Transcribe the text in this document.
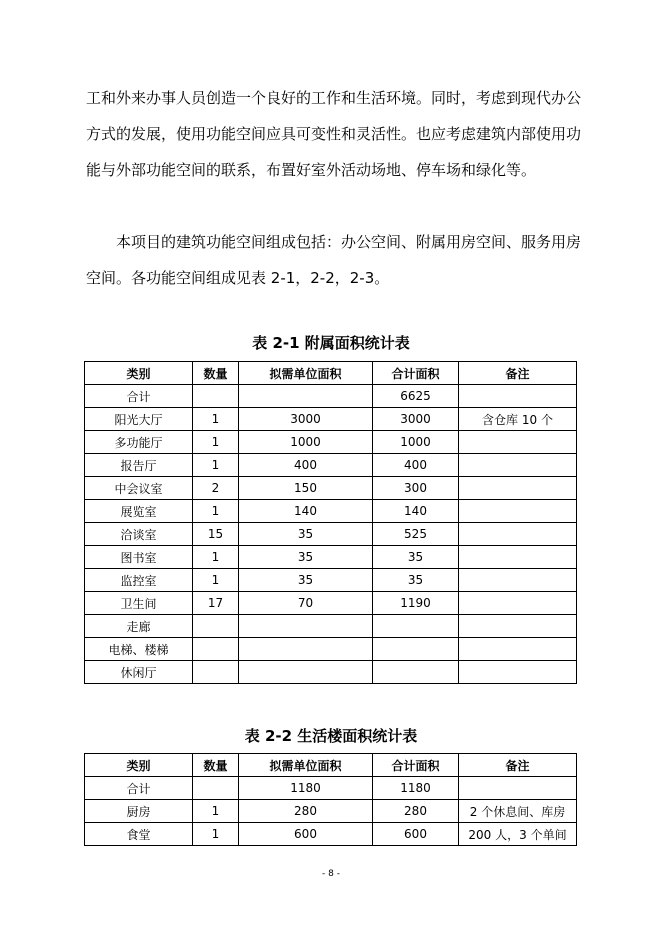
工和外来办事人员创造一个良好的工作和生活环境。同时，考虑到现代办公方式的发展，使用功能空间应具可变性和灵活性。也应考虑建筑内部使用功能与外部功能空间的联系，布置好室外活动场地、停车场和绿化等。

本项目的建筑功能空间组成包括：办公空间、附属用房空间、服务用房空间。各功能空间组成见表 2-1，2-2，2-3。

表 2-1 附属面积统计表
类别	数量	拟需单位面积	合计面积	备注
合计			6625	
阳光大厅	1	3000	3000	含仓库 10 个
多功能厅	1	1000	1000	
报告厅	1	400	400	
中会议室	2	150	300	
展览室	1	140	140	
洽谈室	15	35	525	
图书室	1	35	35	
监控室	1	35	35	
卫生间	17	70	1190	
走廊				
电梯、楼梯				
休闲厅				
表 2-2 生活楼面积统计表
类别	数量	拟需单位面积	合计面积	备注
合计		1180	1180	
厨房	1	280	280	2 个休息间、库房
食堂	1	600	600	200 人，3 个单间
- 8 -
